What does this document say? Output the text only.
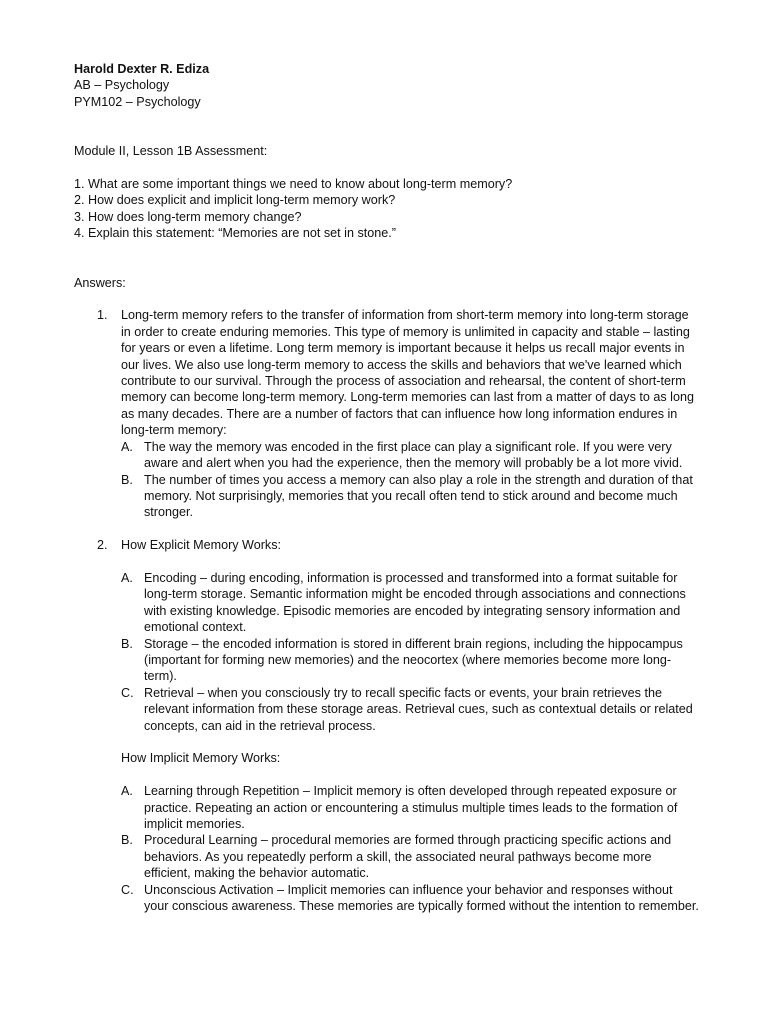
Harold Dexter R. Ediza

AB – Psychology

PYM102 – Psychology

Module II, Lesson 1B Assessment:

1. What are some important things we need to know about long-term memory?

2. How does explicit and implicit long-term memory work?

3. How does long-term memory change?

4. Explain this statement: “Memories are not set in stone.”

Answers:

1. Long-term memory refers to the transfer of information from short-term memory into long-term storage in order to create enduring memories. This type of memory is unlimited in capacity and stable – lasting for years or even a lifetime. Long term memory is important because it helps us recall major events in our lives. We also use long-term memory to access the skills and behaviors that we've learned which contribute to our survival. Through the process of association and rehearsal, the content of short-term memory can become long-term memory. Long-term memories can last from a matter of days to as long as many decades. There are a number of factors that can influence how long information endures in long-term memory:

A. The way the memory was encoded in the first place can play a significant role. If you were very aware and alert when you had the experience, then the memory will probably be a lot more vivid.

B. The number of times you access a memory can also play a role in the strength and duration of that memory. Not surprisingly, memories that you recall often tend to stick around and become much stronger.

2. How Explicit Memory Works:

A. Encoding – during encoding, information is processed and transformed into a format suitable for long-term storage. Semantic information might be encoded through associations and connections with existing knowledge. Episodic memories are encoded by integrating sensory information and emotional context.

B. Storage – the encoded information is stored in different brain regions, including the hippocampus (important for forming new memories) and the neocortex (where memories become more long-term).

C. Retrieval – when you consciously try to recall specific facts or events, your brain retrieves the relevant information from these storage areas. Retrieval cues, such as contextual details or related concepts, can aid in the retrieval process.

How Implicit Memory Works:

A. Learning through Repetition – Implicit memory is often developed through repeated exposure or practice. Repeating an action or encountering a stimulus multiple times leads to the formation of implicit memories.

B. Procedural Learning – procedural memories are formed through practicing specific actions and behaviors. As you repeatedly perform a skill, the associated neural pathways become more efficient, making the behavior automatic.

C. Unconscious Activation – Implicit memories can influence your behavior and responses without your conscious awareness. These memories are typically formed without the intention to remember.
